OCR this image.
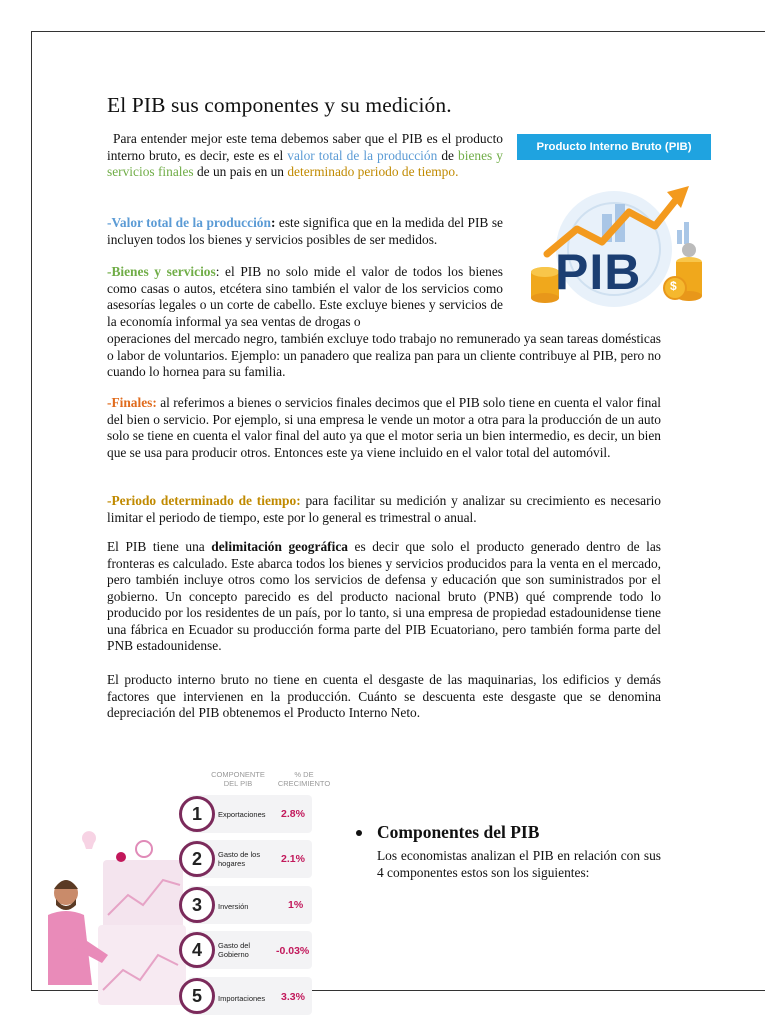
El PIB sus componentes y su medición.

Para entender mejor este tema debemos saber que el PIB es el producto interno bruto, es decir, este es el valor total de la producción de bienes y servicios finales de un pais en un determinado periodo de tiempo.

-Valor total de la producción: este significa que en la medida del PIB se incluyen todos los bienes y servicios posibles de ser medidos.

-Bienes y servicios: el PIB no solo mide el valor de todos los bienes como casas o autos, etcétera sino también el valor de los servicios como asesorías legales o un corte de cabello. Este excluye bienes y servicios de la economía informal ya sea ventas de drogas o

operaciones del mercado negro, también excluye todo trabajo no remunerado ya sean tareas domésticas o labor de voluntarios. Ejemplo: un panadero que realiza pan para un cliente contribuye al PIB, pero no cuando lo hornea para su familia.

-Finales: al referimos a bienes o servicios finales decimos que el PIB solo tiene en cuenta el valor final del bien o servicio. Por ejemplo, si una empresa le vende un motor a otra para la producción de un auto solo se tiene en cuenta el valor final del auto ya que el motor seria un bien intermedio, es decir, un bien que se usa para producir otros. Entonces este ya viene incluido en el valor total del automóvil.

-Periodo determinado de tiempo: para facilitar su medición y analizar su crecimiento es necesario limitar el periodo de tiempo, este por lo general es trimestral o anual.

El PIB tiene una delimitación geográfica es decir que solo el producto generado dentro de las fronteras es calculado. Este abarca todos los bienes y servicios producidos para la venta en el mercado, pero también incluye otros como los servicios de defensa y educación que son suministrados por el gobierno. Un concepto parecido es del producto nacional bruto (PNB) qué comprende todo lo producido por los residentes de un país, por lo tanto, si una empresa de propiedad estadounidense tiene una fábrica en Ecuador su producción forma parte del PIB Ecuatoriano, pero también forma parte del PNB estadounidense.

El producto interno bruto no tiene en cuenta el desgaste de las maquinarias, los edificios y demás factores que intervienen en la producción. Cuánto se descuenta este desgaste que se denomina depreciación del PIB obtenemos el Producto Interno Neto.

Producto Interno Bruto (PIB)
PIB $
COMPONENTE DEL PIB
% DE CRECIMIENTO
1	Exportaciones	2.8%
2	Gasto de los hogares	2.1%
3	Inversión	1%
4	Gasto del Gobierno	-0.03%
5	Importaciones	3.3%
Componentes del PIB

Los economistas analizan el PIB en relación con sus 4 componentes estos son los siguientes:
